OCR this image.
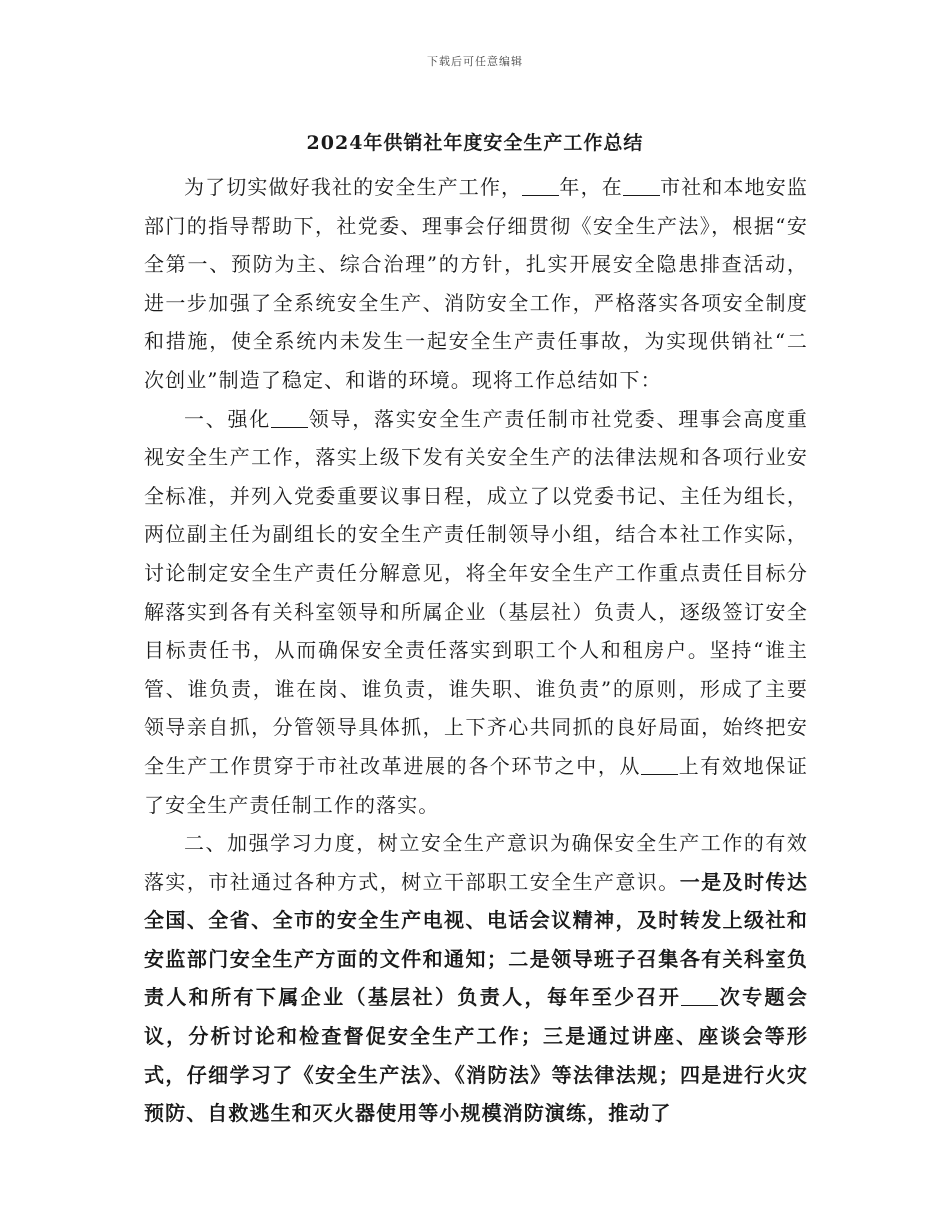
下载后可任意编辑
2024年供销社年度安全生产工作总结

为了切实做好我社的安全生产工作， 年，在 市社和本地安监部门的指导帮助下，社党委、理事会仔细贯彻《安全生产法》，根据“安全第一、预防为主、综合治理”的方针，扎实开展安全隐患排查活动，进一步加强了全系统安全生产、消防安全工作，严格落实各项安全制度和措施，使全系统内未发生一起安全生产责任事故，为实现供销社“二次创业”制造了稳定、和谐的环境。现将工作总结如下：

一、强化 领导，落实安全生产责任制市社党委、理事会高度重视安全生产工作，落实上级下发有关安全生产的法律法规和各项行业安全标准，并列入党委重要议事日程，成立了以党委书记、主任为组长，两位副主任为副组长的安全生产责任制领导小组，结合本社工作实际，讨论制定安全生产责任分解意见，将全年安全生产工作重点责任目标分解落实到各有关科室领导和所属企业（基层社）负责人，逐级签订安全目标责任书，从而确保安全责任落实到职工个人和租房户。坚持“谁主管、谁负责，谁在岗、谁负责，谁失职、谁负责”的原则，形成了主要领导亲自抓，分管领导具体抓，上下齐心共同抓的良好局面，始终把安全生产工作贯穿于市社改革进展的各个环节之中，从 上有效地保证了安全生产责任制工作的落实。

二、加强学习力度，树立安全生产意识为确保安全生产工作的有效落实，市社通过各种方式，树立干部职工安全生产意识。一是及时传达全国、全省、全市的安全生产电视、电话会议精神，及时转发上级社和安监部门安全生产方面的文件和通知；二是领导班子召集各有关科室负责人和所有下属企业（基层社）负责人，每年至少召开 次专题会议，分析讨论和检查督促安全生产工作；三是通过讲座、座谈会等形式，仔细学习了《安全生产法》、《消防法》等法律法规；四是进行火灾预防、自救逃生和灭火器使用等小规模消防演练，推动了
